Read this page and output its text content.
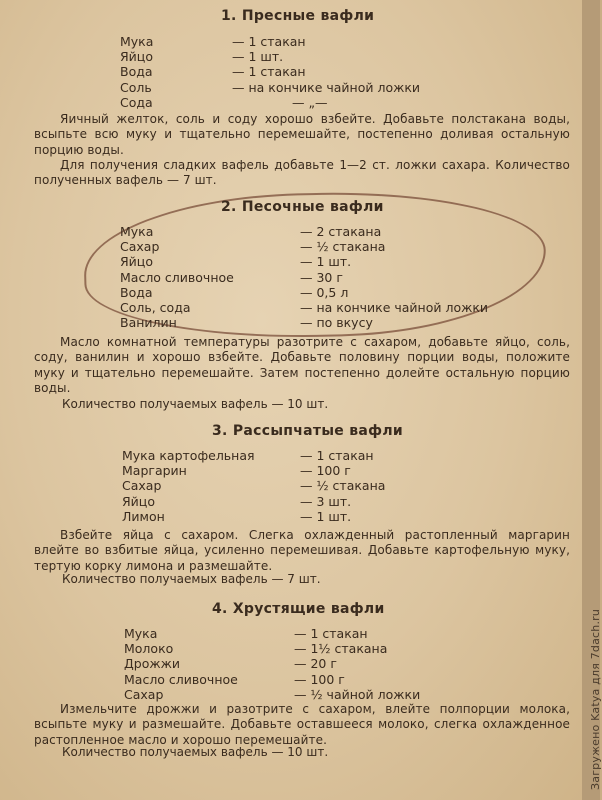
Загружено Katya для 7dach.ru
1. Пресные вафли
Мука	— 1 стакан
Яйцо	— 1 шт.
Вода	— 1 стакан
Соль	— на кончике чайной ложки
Сода	— „—
Яичный желток, соль и соду хорошо взбейте. Добавьте полстакана воды, всыпьте всю муку и тщательно перемешайте, постепенно доливая остальную порцию воды.
Для получения сладких вафель добавьте 1—2 ст. ложки сахара. Количество полученных вафель — 7 шт.
2. Песочные вафли
Мука	— 2 стакана
Сахар	— ½ стакана
Яйцо	— 1 шт.
Масло сливочное	— 30 г
Вода	— 0,5 л
Соль, сода	— на кончике чайной ложки
Ванилин	— по вкусу
Масло комнатной температуры разотрите с сахаром, добавьте яйцо, соль, соду, ванилин и хорошо взбейте. Добавьте половину порции воды, положите муку и тщательно перемешайте. Затем постепенно долейте остальную порцию воды.
Количество получаемых вафель — 10 шт.
3. Рассыпчатые вафли
Мука картофельная	— 1 стакан
Маргарин	— 100 г
Сахар	— ½ стакана
Яйцо	— 3 шт.
Лимон	— 1 шт.
Взбейте яйца с сахаром. Слегка охлажденный растопленный маргарин влейте во взбитые яйца, усиленно перемешивая. Добавьте картофельную муку, тертую корку лимона и размешайте.
Количество получаемых вафель — 7 шт.
4. Хрустящие вафли
Мука	— 1 стакан
Молоко	— 1½ стакана
Дрожжи	— 20 г
Масло сливочное	— 100 г
Сахар	— ½ чайной ложки
Измельчите дрожжи и разотрите с сахаром, влейте полпорции молока, всыпьте муку и размешайте. Добавьте оставшееся молоко, слегка охлажденное растопленное масло и хорошо перемешайте.
Количество получаемых вафель — 10 шт.
